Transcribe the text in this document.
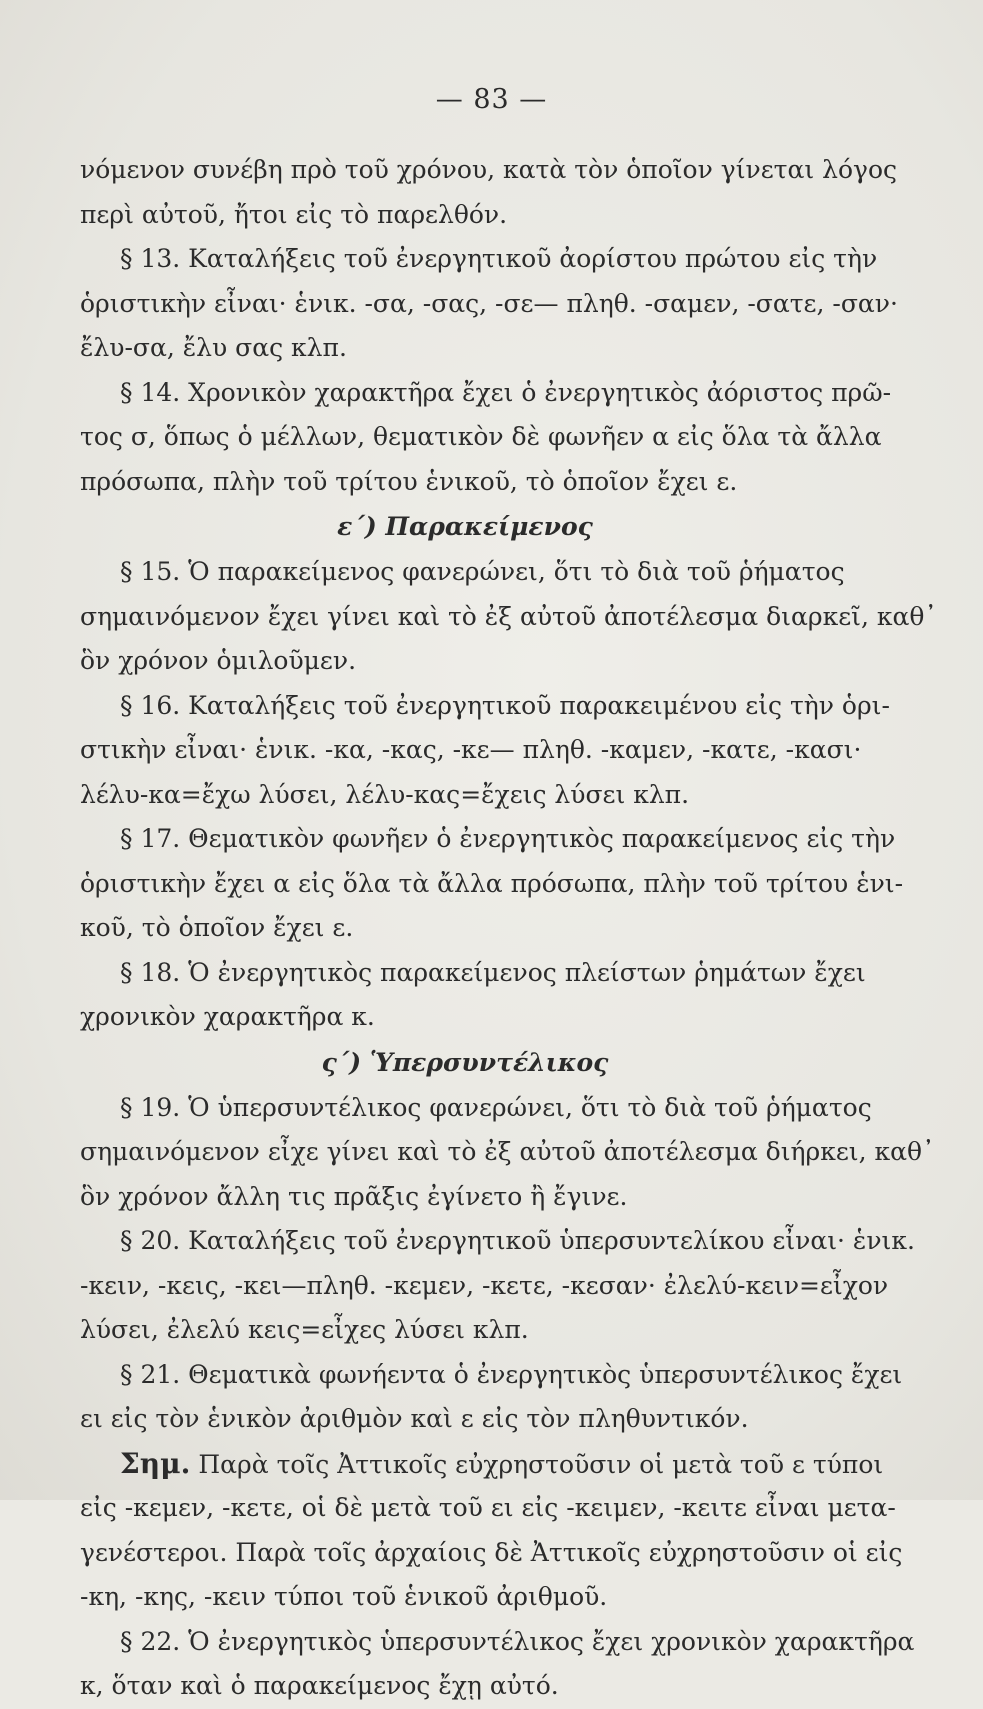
— 83 —
νόμενον συνέβη πρὸ τοῦ χρόνου, κατὰ τὸν ὁποῖον γίνεται λόγος
περὶ αὐτοῦ, ἤτοι εἰς τὸ παρελθόν.
§ 13. Καταλήξεις τοῦ ἐνεργητικοῦ ἀορίστου πρώτου εἰς τὴν
ὁριστικὴν εἶναι· ἑνικ. -σα, -σας, -σε— πληθ. -σαμεν, -σατε, -σαν·
ἔλυ-σα, ἔλυ σας κλπ.
§ 14. Χρονικὸν χαρακτῆρα ἔχει ὁ ἐνεργητικὸς ἀόριστος πρῶ-
τος σ, ὅπως ὁ μέλλων, θεματικὸν δὲ φωνῆεν α εἰς ὅλα τὰ ἄλλα
πρόσωπα, πλὴν τοῦ τρίτου ἑνικοῦ, τὸ ὁποῖον ἔχει ε.
ε΄) Παρακείμενος
§ 15. Ὁ παρακείμενος φανερώνει, ὅτι τὸ διὰ τοῦ ῥήματος
σημαινόμενον ἔχει γίνει καὶ τὸ ἐξ αὐτοῦ ἀποτέλεσμα διαρκεῖ, καθ᾽
ὃν χρόνον ὁμιλοῦμεν.
§ 16. Καταλήξεις τοῦ ἐνεργητικοῦ παρακειμένου εἰς τὴν ὁρι-
στικὴν εἶναι· ἑνικ. -κα, -κας, -κε— πληθ. -καμεν, -κατε, -κασι·
λέλυ-κα=ἔχω λύσει, λέλυ-κας=ἔχεις λύσει κλπ.
§ 17. Θεματικὸν φωνῆεν ὁ ἐνεργητικὸς παρακείμενος εἰς τὴν
ὁριστικὴν ἔχει α εἰς ὅλα τὰ ἄλλα πρόσωπα, πλὴν τοῦ τρίτου ἑνι-
κοῦ, τὸ ὁποῖον ἔχει ε.
§ 18. Ὁ ἐνεργητικὸς παρακείμενος πλείστων ῥημάτων ἔχει
χρονικὸν χαρακτῆρα κ.
ς΄) Ὑπερσυντέλικος
§ 19. Ὁ ὑπερσυντέλικος φανερώνει, ὅτι τὸ διὰ τοῦ ῥήματος
σημαινόμενον εἶχε γίνει καὶ τὸ ἐξ αὐτοῦ ἀποτέλεσμα διήρκει, καθ᾽
ὃν χρόνον ἄλλη τις πρᾶξις ἐγίνετο ἢ ἔγινε.
§ 20. Καταλήξεις τοῦ ἐνεργητικοῦ ὑπερσυντελίκου εἶναι· ἑνικ.
-κειν, -κεις, -κει—πληθ. -κεμεν, -κετε, -κεσαν· ἐλελύ-κειν=εἶχον
λύσει, ἐλελύ κεις=εἶχες λύσει κλπ.
§ 21. Θεματικὰ φωνήεντα ὁ ἐνεργητικὸς ὑπερσυντέλικος ἔχει
ει εἰς τὸν ἑνικὸν ἀριθμὸν καὶ ε εἰς τὸν πληθυντικόν.
Σημ. Παρὰ τοῖς Ἀττικοῖς εὐχρηστοῦσιν οἱ μετὰ τοῦ ε τύποι
εἰς -κεμεν, -κετε, οἱ δὲ μετὰ τοῦ ει εἰς -κειμεν, -κειτε εἶναι μετα-
γενέστεροι. Παρὰ τοῖς ἀρχαίοις δὲ Ἀττικοῖς εὐχρηστοῦσιν οἱ εἰς
-κη, -κης, -κειν τύποι τοῦ ἑνικοῦ ἀριθμοῦ.
§ 22. Ὁ ἐνεργητικὸς ὑπερσυντέλικος ἔχει χρονικὸν χαρακτῆρα
κ, ὅταν καὶ ὁ παρακείμενος ἔχῃ αὐτό.
